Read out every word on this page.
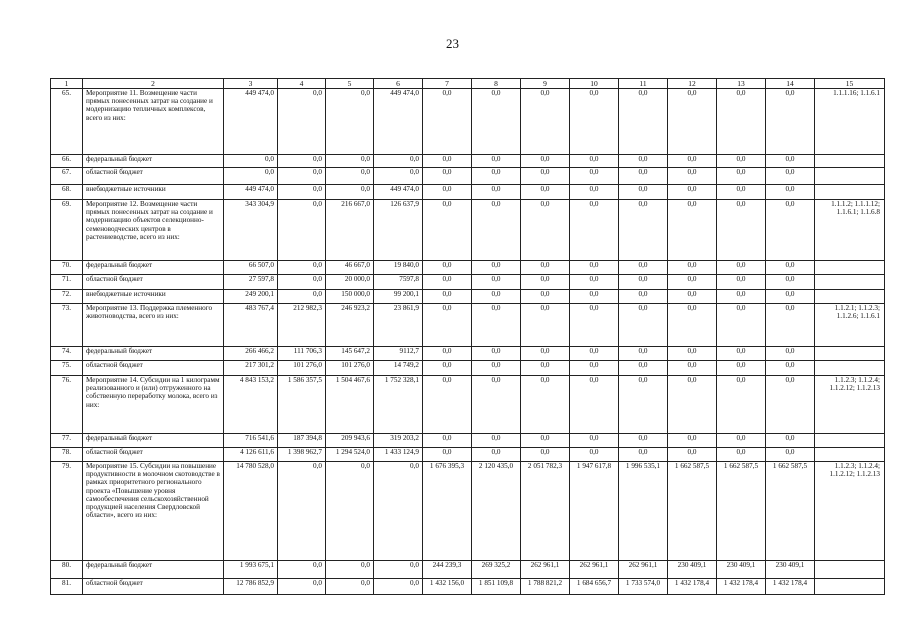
23
1	2	3	4	5	6	7	8	9	10	11	12	13	14	15
65.	Мероприятие 11. Возмещение части прямых понесенных затрат на создание и модернизацию тепличных комплексов, всего из них:	449 474,0	0,0	0,0	449 474,0	0,0	0,0	0,0	0,0	0,0	0,0	0,0	0,0	1.1.1.16; 1.1.6.1
66.	федеральный бюджет	0,0	0,0	0,0	0,0	0,0	0,0	0,0	0,0	0,0	0,0	0,0	0,0	
67.	областной бюджет	0,0	0,0	0,0	0,0	0,0	0,0	0,0	0,0	0,0	0,0	0,0	0,0	
68.	внебюджетные источники	449 474,0	0,0	0,0	449 474,0	0,0	0,0	0,0	0,0	0,0	0,0	0,0	0,0	
69.	Мероприятие 12. Возмещение части прямых понесенных затрат на создание и модернизацию объектов селекционно-семеноводческих центров в растениеводстве, всего из них:	343 304,9	0,0	216 667,0	126 637,9	0,0	0,0	0,0	0,0	0,0	0,0	0,0	0,0	1.1.1.2; 1.1.1.12; 1.1.6.1; 1.1.6.8
70.	федеральный бюджет	66 507,0	0,0	46 667,0	19 840,0	0,0	0,0	0,0	0,0	0,0	0,0	0,0	0,0	
71.	областной бюджет	27 597,8	0,0	20 000,0	7597,8	0,0	0,0	0,0	0,0	0,0	0,0	0,0	0,0	
72.	внебюджетные источники	249 200,1	0,0	150 000,0	99 200,1	0,0	0,0	0,0	0,0	0,0	0,0	0,0	0,0	
73.	Мероприятие 13. Поддержка племенного животноводства, всего из них:	483 767,4	212 982,3	246 923,2	23 861,9	0,0	0,0	0,0	0,0	0,0	0,0	0,0	0,0	1.1.2.1; 1.1.2.3; 1.1.2.6; 1.1.6.1
74.	федеральный бюджет	266 466,2	111 706,3	145 647,2	9112,7	0,0	0,0	0,0	0,0	0,0	0,0	0,0	0,0	
75.	областной бюджет	217 301,2	101 276,0	101 276,0	14 749,2	0,0	0,0	0,0	0,0	0,0	0,0	0,0	0,0	
76.	Мероприятие 14. Субсидии на 1 килограмм реализованного и (или) отгруженного на собственную переработку молока, всего из них:	4 843 153,2	1 586 357,5	1 504 467,6	1 752 328,1	0,0	0,0	0,0	0,0	0,0	0,0	0,0	0,0	1.1.2.3; 1.1.2.4; 1.1.2.12; 1.1.2.13
77.	федеральный бюджет	716 541,6	187 394,8	209 943,6	319 203,2	0,0	0,0	0,0	0,0	0,0	0,0	0,0	0,0	
78.	областной бюджет	4 126 611,6	1 398 962,7	1 294 524,0	1 433 124,9	0,0	0,0	0,0	0,0	0,0	0,0	0,0	0,0	
79.	Мероприятие 15. Субсидии на повышение продуктивности в молочном скотоводстве в рамках приоритетного регионального проекта «Повышение уровня самообеспечения сельскохозяйственной продукцией населения Свердловской области», всего из них:	14 780 528,0	0,0	0,0	0,0	1 676 395,3	2 120 435,0	2 051 782,3	1 947 617,8	1 996 535,1	1 662 587,5	1 662 587,5	1 662 587,5	1.1.2.3; 1.1.2.4; 1.1.2.12; 1.1.2.13
80.	федеральный бюджет	1 993 675,1	0,0	0,0	0,0	244 239,3	269 325,2	262 961,1	262 961,1	262 961,1	230 409,1	230 409,1	230 409,1	
81.	областной бюджет	12 786 852,9	0,0	0,0	0,0	1 432 156,0	1 851 109,8	1 788 821,2	1 684 656,7	1 733 574,0	1 432 178,4	1 432 178,4	1 432 178,4	
